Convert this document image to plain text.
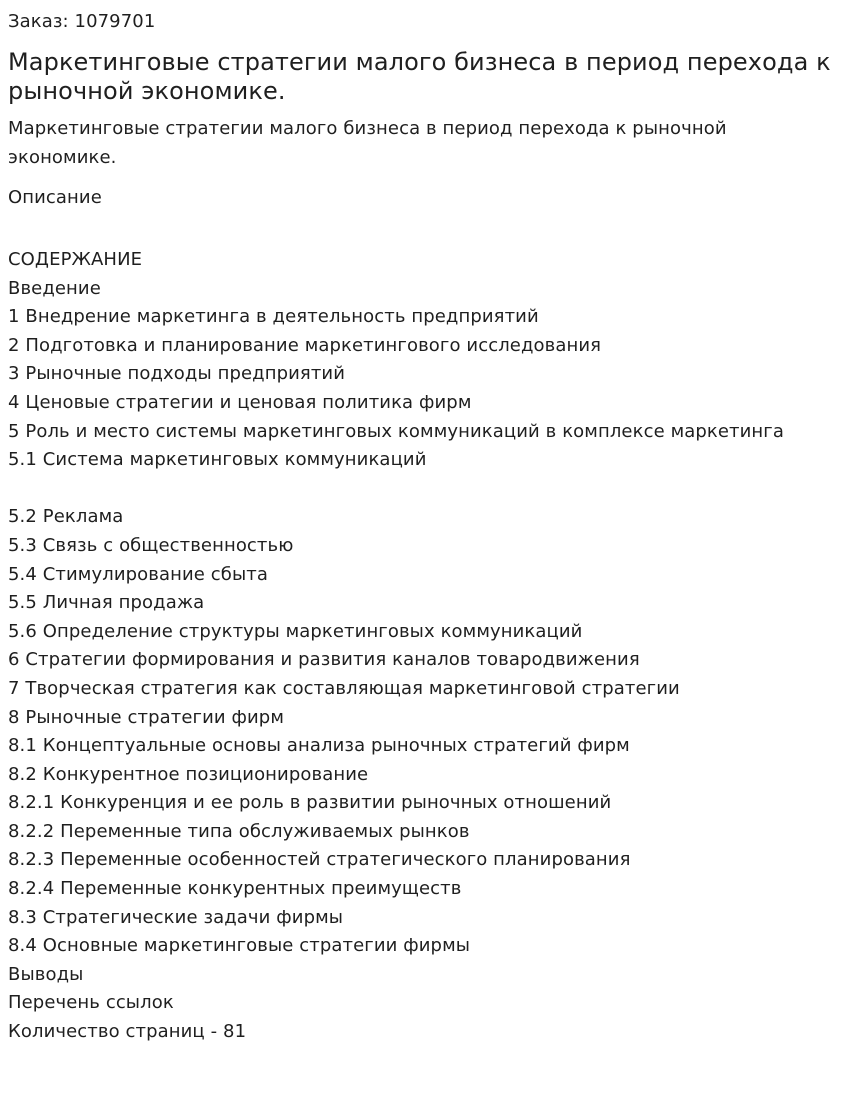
Заказ: 1079701

Маркетинговые стратегии малого бизнеса в период перехода к рыночной экономике.

Маркетинговые стратегии малого бизнеса в период перехода к рыночной экономике.

Описание

СОДЕРЖАНИЕ
Введение
1 Внедрение маркетинга в деятельность предприятий
2 Подготовка и планирование маркетингового исследования
3 Рыночные подходы предприятий
4 Ценовые стратегии и ценовая политика фирм
5 Роль и место системы маркетинговых коммуникаций в комплексе маркетинга
5.1 Система маркетинговых коммуникаций
5.2 Реклама
5.3 Связь с общественностью
5.4 Стимулирование сбыта
5.5 Личная продажа
5.6 Определение структуры маркетинговых коммуникаций
6 Стратегии формирования и развития каналов товародвижения
7 Творческая стратегия как составляющая маркетинговой стратегии
8 Рыночные стратегии фирм
8.1 Концептуальные основы анализа рыночных стратегий фирм
8.2 Конкурентное позиционирование
8.2.1 Конкуренция и ее роль в развитии рыночных отношений
8.2.2 Переменные типа обслуживаемых рынков
8.2.3 Переменные особенностей стратегического планирования
8.2.4 Переменные конкурентных преимуществ
8.3 Стратегические задачи фирмы
8.4 Основные маркетинговые стратегии фирмы
Выводы
Перечень ссылок
Количество страниц - 81
